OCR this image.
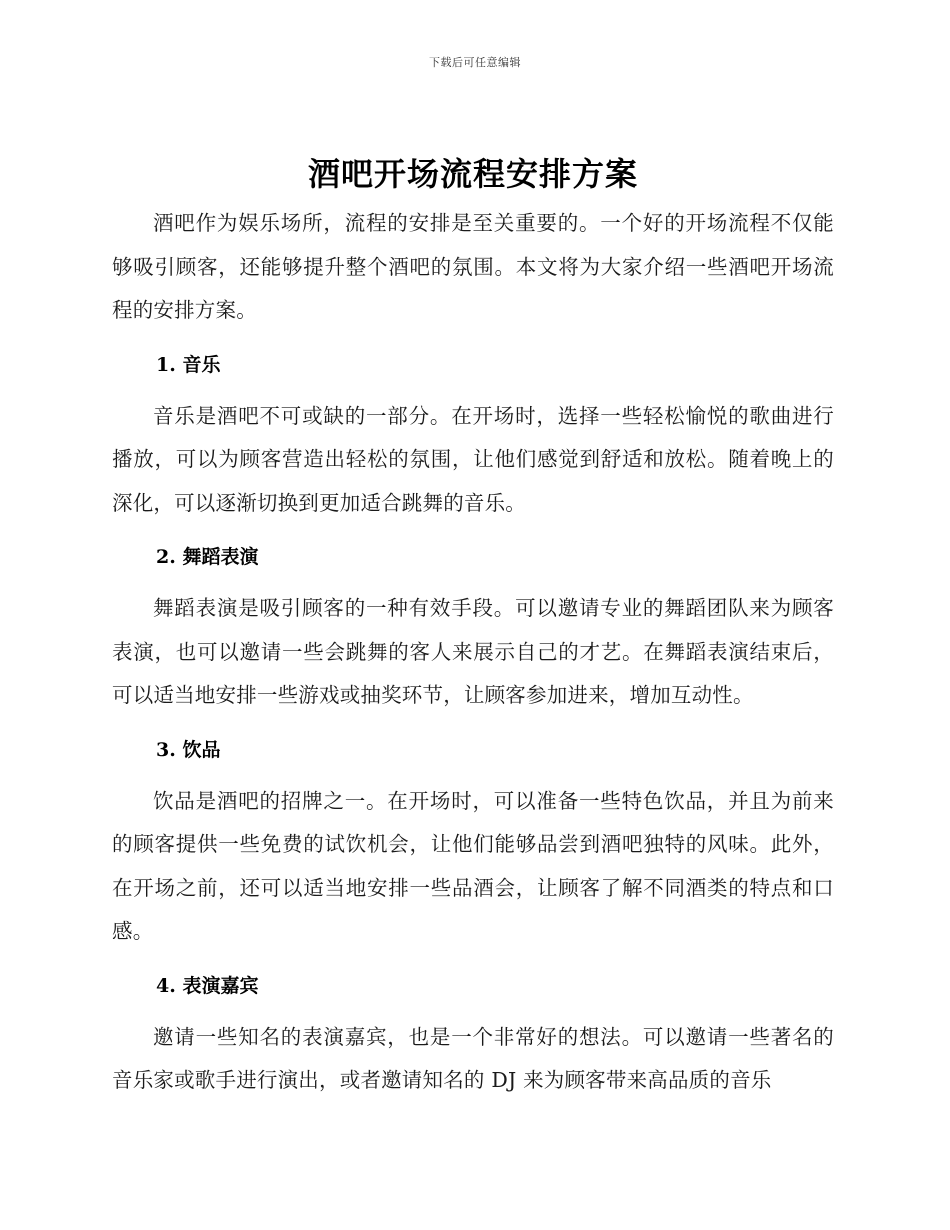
下载后可任意编辑
酒吧开场流程安排方案

酒吧作为娱乐场所，流程的安排是至关重要的。一个好的开场流程不仅能够吸引顾客，还能够提升整个酒吧的氛围。本文将为大家介绍一些酒吧开场流程的安排方案。

1. 音乐

音乐是酒吧不可或缺的一部分。在开场时，选择一些轻松愉悦的歌曲进行播放，可以为顾客营造出轻松的氛围，让他们感觉到舒适和放松。随着晚上的深化，可以逐渐切换到更加适合跳舞的音乐。

2. 舞蹈表演

舞蹈表演是吸引顾客的一种有效手段。可以邀请专业的舞蹈团队来为顾客表演，也可以邀请一些会跳舞的客人来展示自己的才艺。在舞蹈表演结束后，可以适当地安排一些游戏或抽奖环节，让顾客参加进来，增加互动性。

3. 饮品

饮品是酒吧的招牌之一。在开场时，可以准备一些特色饮品，并且为前来的顾客提供一些免费的试饮机会，让他们能够品尝到酒吧独特的风味。此外，在开场之前，还可以适当地安排一些品酒会，让顾客了解不同酒类的特点和口感。

4. 表演嘉宾

邀请一些知名的表演嘉宾，也是一个非常好的想法。可以邀请一些著名的音乐家或歌手进行演出，或者邀请知名的 DJ 来为顾客带来高品质的音乐
